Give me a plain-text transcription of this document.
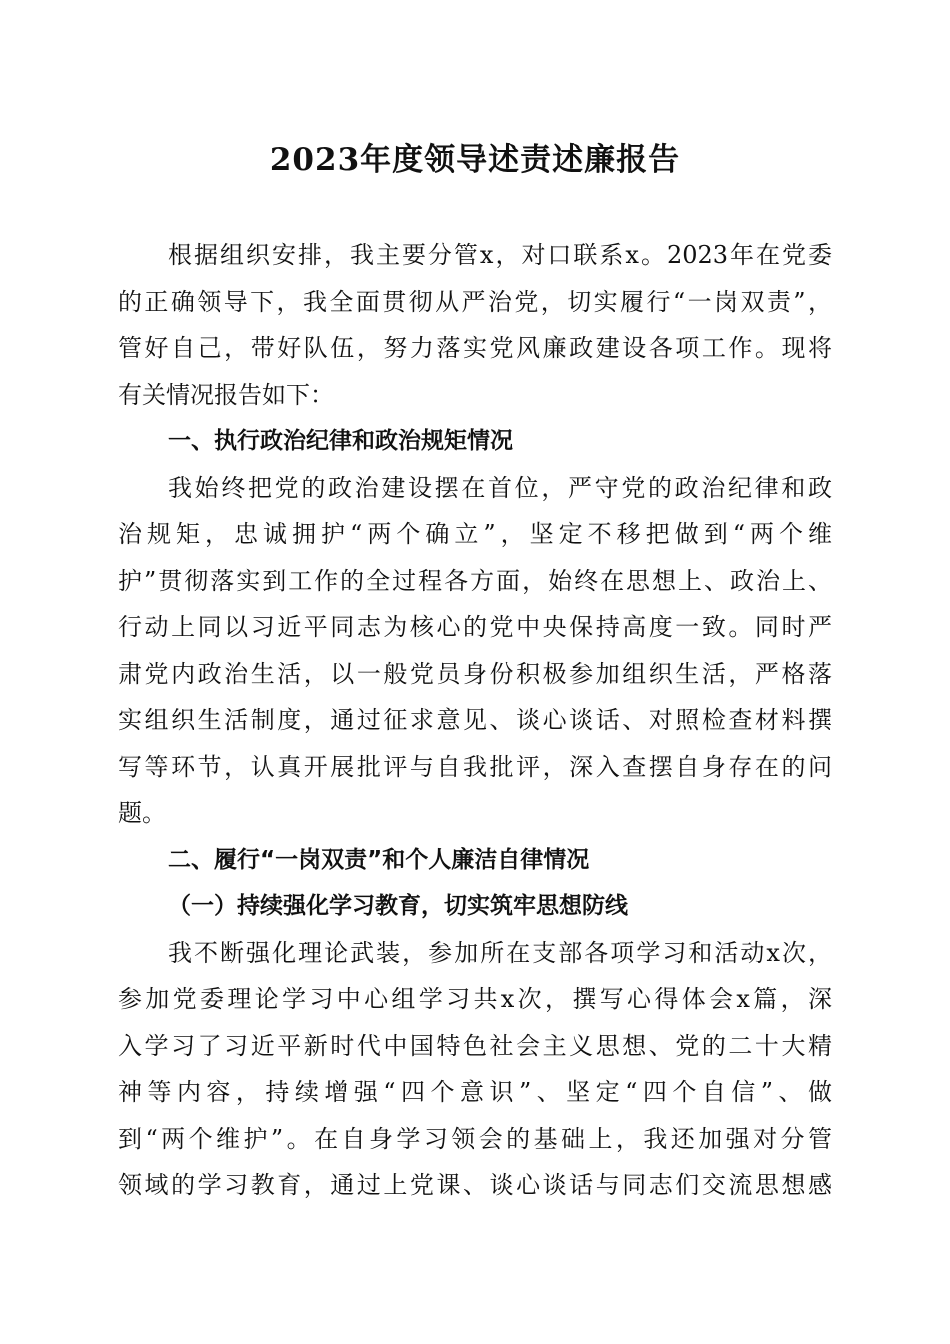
2023年度领导述责述廉报告
根据组织安排，我主要分管x，对口联系x。2023年在党委
的正确领导下，我全面贯彻从严治党，切实履行“一岗双责”，
管好自己，带好队伍，努力落实党风廉政建设各项工作。现将
有关情况报告如下：
一、执行政治纪律和政治规矩情况
我始终把党的政治建设摆在首位，严守党的政治纪律和政
治规矩，忠诚拥护“两个确立”，坚定不移把做到“两个维
护”贯彻落实到工作的全过程各方面，始终在思想上、政治上、
行动上同以习近平同志为核心的党中央保持高度一致。同时严
肃党内政治生活，以一般党员身份积极参加组织生活，严格落
实组织生活制度，通过征求意见、谈心谈话、对照检查材料撰
写等环节，认真开展批评与自我批评，深入查摆自身存在的问
题。
二、履行“一岗双责”和个人廉洁自律情况
（一）持续强化学习教育，切实筑牢思想防线
我不断强化理论武装，参加所在支部各项学习和活动x次，
参加党委理论学习中心组学习共x次，撰写心得体会x篇，深
入学习了习近平新时代中国特色社会主义思想、党的二十大精
神等内容，持续增强“四个意识”、坚定“四个自信”、做
到“两个维护”。在自身学习领会的基础上，我还加强对分管
领域的学习教育，通过上党课、谈心谈话与同志们交流思想感
